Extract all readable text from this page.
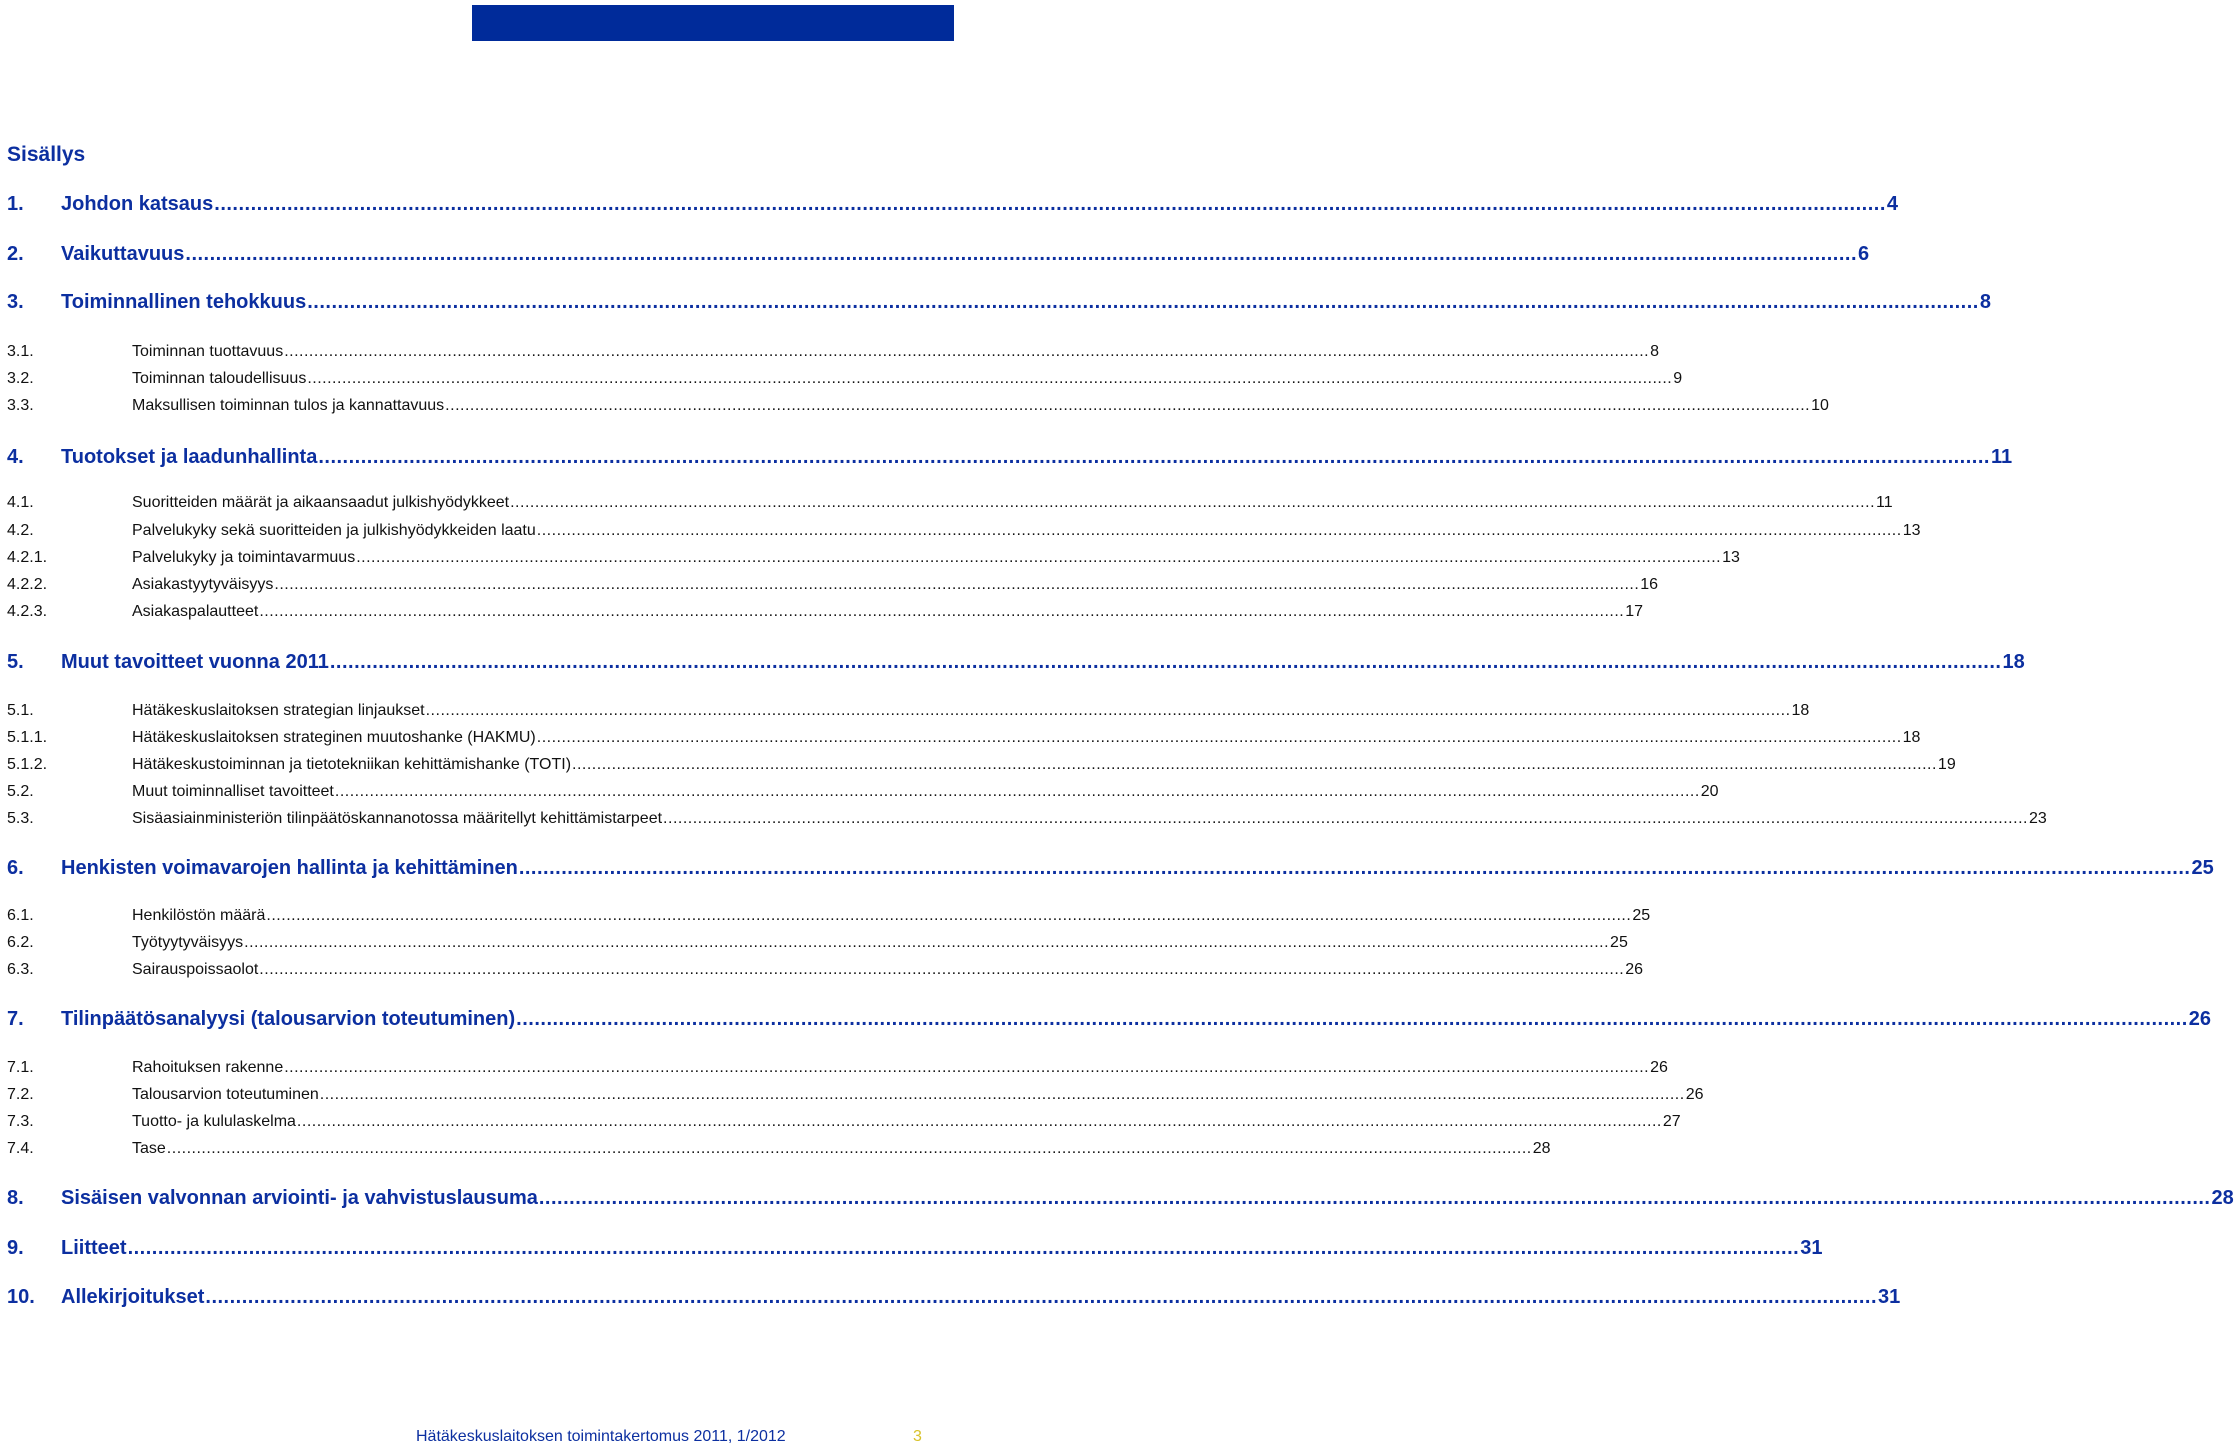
Sisällys
1.	Johdon katsaus .....	4
2.	Vaikuttavuus .....	6
3.	Toiminnallinen tehokkuus .....	8
3.1.	Toiminnan tuottavuus .....	8
3.2.	Toiminnan taloudellisuus .....	9
3.3.	Maksullisen toiminnan tulos ja kannattavuus .....	10
4.	Tuotokset ja laadunhallinta .....	11
4.1.	Suoritteiden määrät ja aikaansaadut julkishyödykkeet .....	11
4.2.	Palvelukyky sekä suoritteiden ja julkishyödykkeiden laatu .....	13
4.2.1.	Palvelukyky ja toimintavarmuus .....	13
4.2.2.	Asiakastyytyväisyys .....	16
4.2.3.	Asiakaspalautteet .....	17
5.	Muut tavoitteet vuonna 2011 .....	18
5.1.	Hätäkeskuslaitoksen strategian linjaukset .....	18
5.1.1.	Hätäkeskuslaitoksen strateginen muutoshanke (HAKMU) .....	18
5.1.2.	Hätäkeskustoiminnan ja tietotekniikan kehittämishanke (TOTI) .....	19
5.2.	Muut toiminnalliset tavoitteet .....	20
5.3.	Sisäasiainministeriön tilinpäätöskannanotossa määritellyt kehittämistarpeet .....	23
6.	Henkisten voimavarojen hallinta ja kehittäminen .....	25
6.1.	Henkilöstön määrä .....	25
6.2.	Työtyytyväisyys .....	25
6.3.	Sairauspoissaolot .....	26
7.	Tilinpäätösanalyysi (talousarvion toteutuminen) .....	26
7.1.	Rahoituksen rakenne .....	26
7.2.	Talousarvion toteutuminen .....	26
7.3.	Tuotto- ja kululaskelma .....	27
7.4.	Tase .....	28
8.	Sisäisen valvonnan arviointi- ja vahvistuslausuma .....	28
9.	Liitteet .....	31
10.	Allekirjoitukset .....	31
Hätäkeskuslaitoksen toimintakertomus 2011, 1/2012	3
